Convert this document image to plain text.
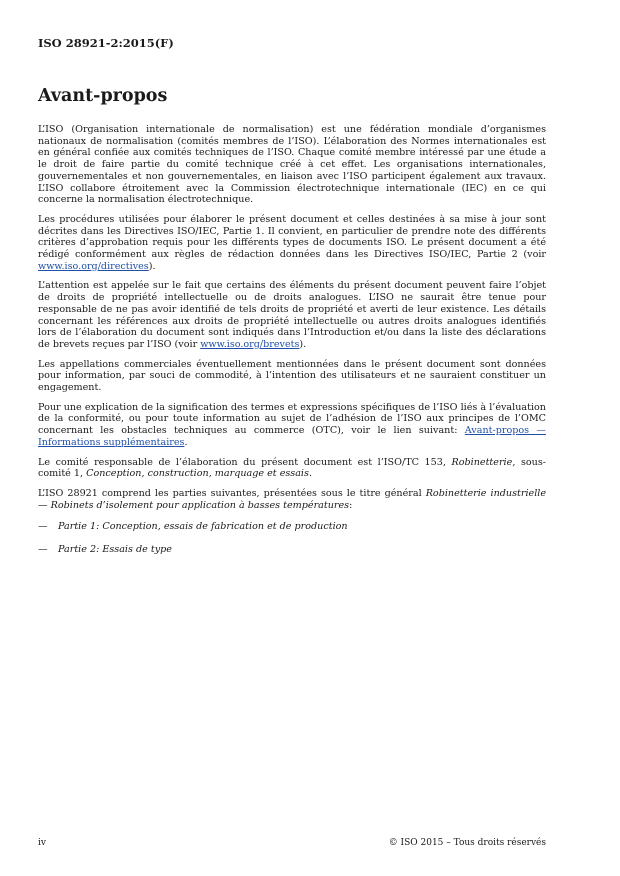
ISO 28921-2:2015(F)
Avant-propos

L’ISO (Organisation internationale de normalisation) est une fédération mondiale d’organismes nationaux de normalisation (comités membres de l’ISO). L’élaboration des Normes internationales est en général confiée aux comités techniques de l’ISO. Chaque comité membre intéressé par une étude a le droit de faire partie du comité technique créé à cet effet. Les organisations internationales, gouvernementales et non gouvernementales, en liaison avec l’ISO participent également aux travaux. L’ISO collabore étroitement avec la Commission électrotechnique internationale (IEC) en ce qui concerne la normalisation électrotechnique.

Les procédures utilisées pour élaborer le présent document et celles destinées à sa mise à jour sont décrites dans les Directives ISO/IEC, Partie 1. Il convient, en particulier de prendre note des différents critères d’approbation requis pour les différents types de documents ISO. Le présent document a été rédigé conformément aux règles de rédaction données dans les Directives ISO/IEC, Partie 2 (voir www.iso.org/directives).

L’attention est appelée sur le fait que certains des éléments du présent document peuvent faire l’objet de droits de propriété intellectuelle ou de droits analogues. L’ISO ne saurait être tenue pour responsable de ne pas avoir identifié de tels droits de propriété et averti de leur existence. Les détails concernant les références aux droits de propriété intellectuelle ou autres droits analogues identifiés lors de l’élaboration du document sont indiqués dans l’Introduction et/ou dans la liste des déclarations de brevets reçues par l’ISO (voir www.iso.org/brevets).

Les appellations commerciales éventuellement mentionnées dans le présent document sont données pour information, par souci de commodité, à l’intention des utilisateurs et ne sauraient constituer un engagement.

Pour une explication de la signification des termes et expressions spécifiques de l’ISO liés à l’évaluation de la conformité, ou pour toute information au sujet de l’adhésion de l’ISO aux principes de l’OMC concernant les obstacles techniques au commerce (OTC), voir le lien suivant: Avant-propos — Informations supplémentaires.

Le comité responsable de l’élaboration du présent document est l’ISO/TC 153, Robinetterie, sous-comité 1, Conception, construction, marquage et essais.

L’ISO 28921 comprend les parties suivantes, présentées sous le titre général Robinetterie industrielle — Robinets d’isolement pour application à basses températures:

— Partie 1: Conception, essais de fabrication et de production
— Partie 2: Essais de type
iv	© ISO 2015 – Tous droits réservés
